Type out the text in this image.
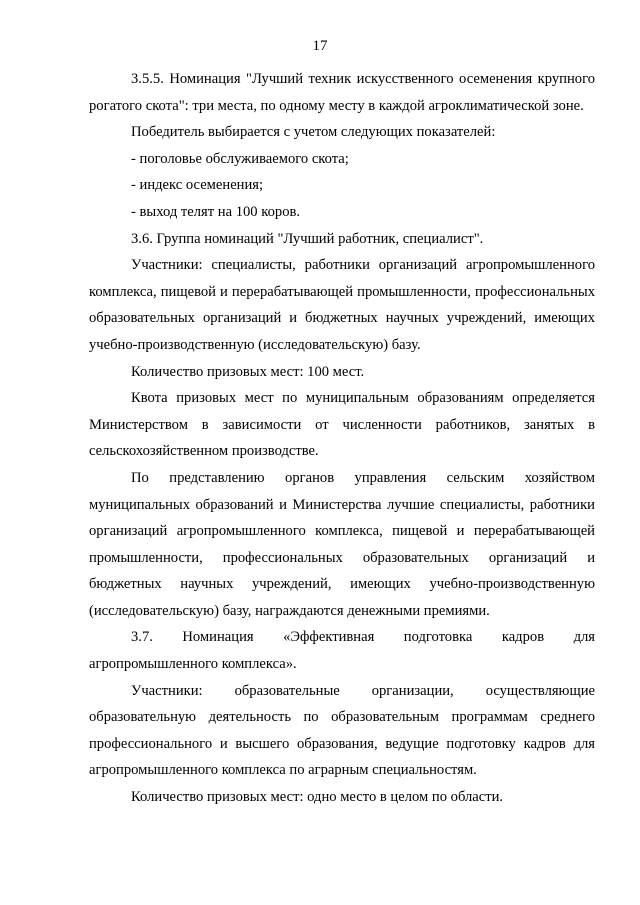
17

3.5.5. Номинация "Лучший техник искусственного осеменения крупного рогатого скота": три места, по одному месту в каждой агроклиматической зоне.

Победитель выбирается с учетом следующих показателей:

- поголовье обслуживаемого скота;

- индекс осеменения;

- выход телят на 100 коров.

3.6. Группа номинаций "Лучший работник, специалист".

Участники: специалисты, работники организаций агропромышленного комплекса, пищевой и перерабатывающей промышленности, профессиональных образовательных организаций и бюджетных научных учреждений, имеющих учебно-производственную (исследовательскую) базу.

Количество призовых мест: 100 мест.

Квота призовых мест по муниципальным образованиям определяется Министерством в зависимости от численности работников, занятых в сельскохозяйственном производстве.

По представлению органов управления сельским хозяйством муниципальных образований и Министерства лучшие специалисты, работники организаций агропромышленного комплекса, пищевой и перерабатывающей промышленности, профессиональных образовательных организаций и бюджетных научных учреждений, имеющих учебно-производственную (исследовательскую) базу, награждаются денежными премиями.

3.7. Номинация «Эффективная подготовка кадров для агропромышленного комплекса».

Участники: образовательные организации, осуществляющие образовательную деятельность по образовательным программам среднего профессионального и высшего образования, ведущие подготовку кадров для агропромышленного комплекса по аграрным специальностям.

Количество призовых мест: одно место в целом по области.
